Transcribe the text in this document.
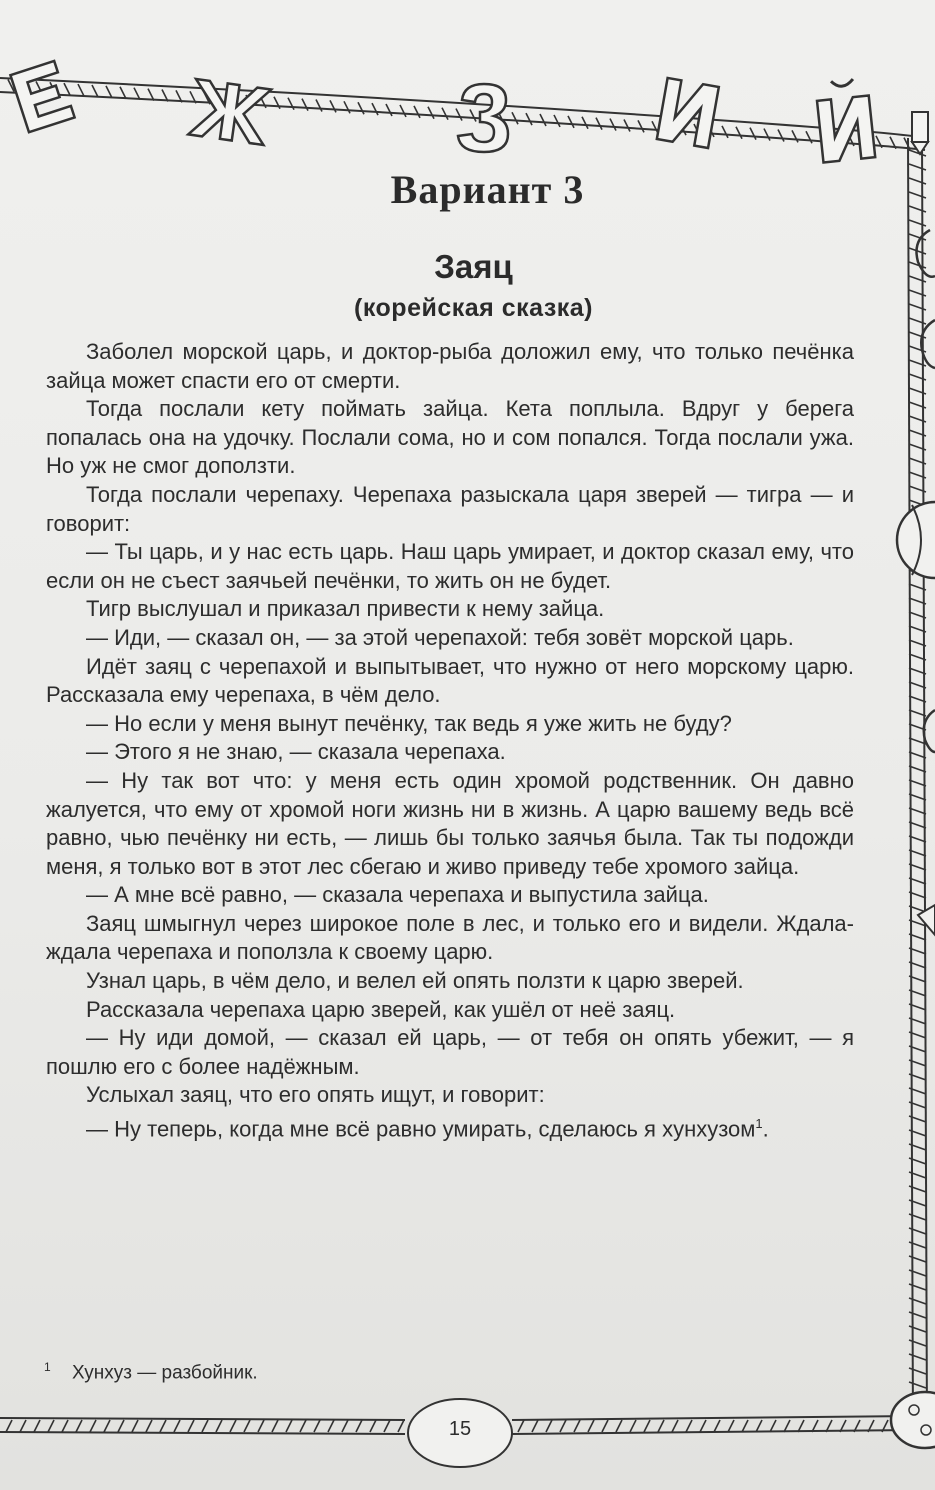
Вариант 3
Заяц
(корейская сказка)

Заболел морской царь, и доктор-рыба доложил ему, что только печёнка зайца может спасти его от смерти.

Тогда послали кету поймать зайца. Кета поплыла. Вдруг у берега попалась она на удочку. Послали сома, но и сом попался. Тогда послали ужа. Но уж не смог доползти.

Тогда послали черепаху. Черепаха разыскала царя зверей — тигра — и говорит:

— Ты царь, и у нас есть царь. Наш царь умирает, и доктор сказал ему, что если он не съест заячьей печёнки, то жить он не будет.

Тигр выслушал и приказал привести к нему зайца.

— Иди, — сказал он, — за этой черепахой: тебя зовёт морской царь.

Идёт заяц с черепахой и выпытывает, что нужно от него морскому царю. Рассказала ему черепаха, в чём дело.

— Но если у меня вынут печёнку, так ведь я уже жить не буду?

— Этого я не знаю, — сказала черепаха.

— Ну так вот что: у меня есть один хромой родственник. Он давно жалуется, что ему от хромой ноги жизнь ни в жизнь. А царю вашему ведь всё равно, чью печёнку ни есть, — лишь бы только заячья была. Так ты подожди меня, я только вот в этот лес сбегаю и живо приведу тебе хромого зайца.

— А мне всё равно, — сказала черепаха и выпустила зайца.

Заяц шмыгнул через широкое поле в лес, и только его и видели. Ждала-ждала черепаха и поползла к своему царю.

Узнал царь, в чём дело, и велел ей опять ползти к царю зверей.

Рассказала черепаха царю зверей, как ушёл от неё заяц.

— Ну иди домой, — сказал ей царь, — от тебя он опять убежит, — я пошлю его с более надёжным.

Услыхал заяц, что его опять ищут, и говорит:

— Ну теперь, когда мне всё равно умирать, сделаюсь я хунхузом$^1$.

1 Хунхуз — разбойник.
15
